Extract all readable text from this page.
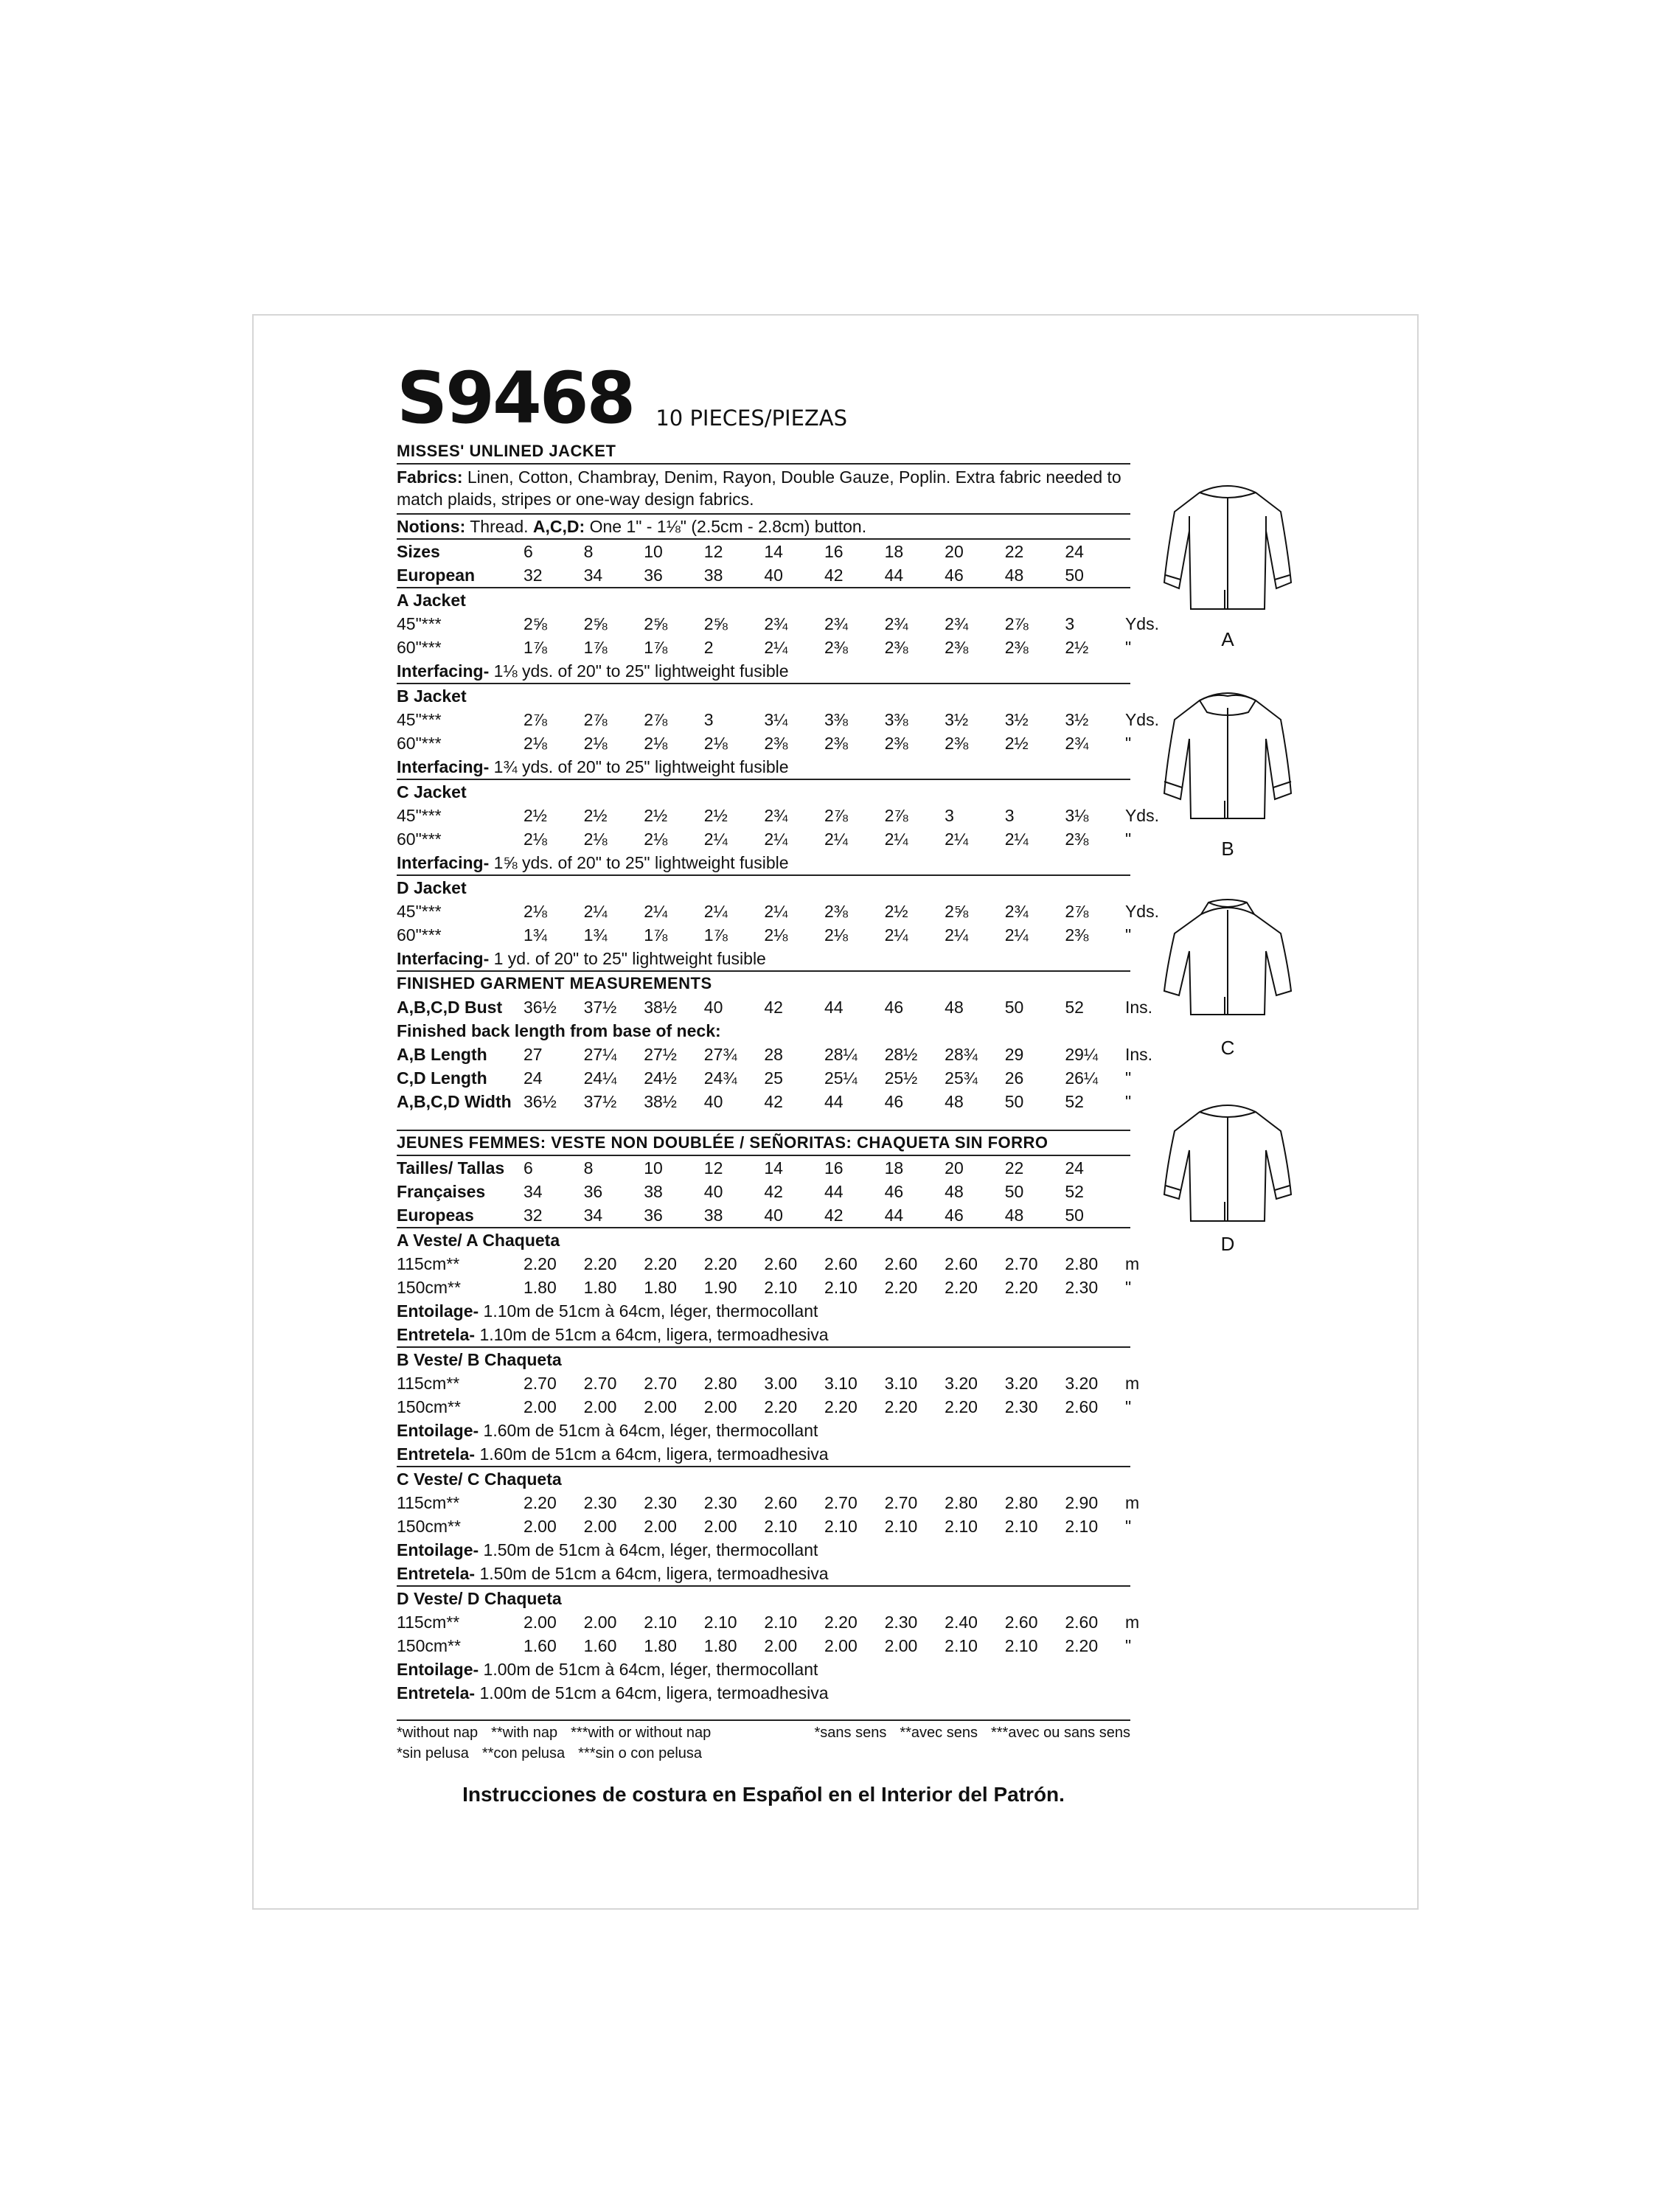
S9468 10 PIECES/PIEZAS
MISSES' UNLINED JACKET
Fabrics: Linen, Cotton, Chambray, Denim, Rayon, Double Gauze, Poplin. Extra fabric needed to match plaids, stripes or one-way design fabrics.
Notions: Thread. A,C,D: One 1" - 1⅛" (2.5cm - 2.8cm) button.
Sizes	6	8	10	12	14	16	18	20	22	24
European	32	34	36	38	40	42	44	46	48	50
A Jacket
45"***	2⅝	2⅝	2⅝	2⅝	2¾	2¾	2¾	2¾	2⅞	3	Yds.
60"***	1⅞	1⅞	1⅞	2	2¼	2⅜	2⅜	2⅜	2⅜	2½	"
Interfacing- 1⅛ yds. of 20" to 25" lightweight fusible
B Jacket
45"***	2⅞	2⅞	2⅞	3	3¼	3⅜	3⅜	3½	3½	3½	Yds.
60"***	2⅛	2⅛	2⅛	2⅛	2⅜	2⅜	2⅜	2⅜	2½	2¾	"
Interfacing- 1¾ yds. of 20" to 25" lightweight fusible
C Jacket
45"***	2½	2½	2½	2½	2¾	2⅞	2⅞	3	3	3⅛	Yds.
60"***	2⅛	2⅛	2⅛	2¼	2¼	2¼	2¼	2¼	2¼	2⅜	"
Interfacing- 1⅝ yds. of 20" to 25" lightweight fusible
D Jacket
45"***	2⅛	2¼	2¼	2¼	2¼	2⅜	2½	2⅝	2¾	2⅞	Yds.
60"***	1¾	1¾	1⅞	1⅞	2⅛	2⅛	2¼	2¼	2¼	2⅜	"
Interfacing- 1 yd. of 20" to 25" lightweight fusible
FINISHED GARMENT MEASUREMENTS
A,B,C,D Bust	36½	37½	38½	40	42	44	46	48	50	52	Ins.
Finished back length from base of neck:
A,B Length	27	27¼	27½	27¾	28	28¼	28½	28¾	29	29¼	Ins.
C,D Length	24	24¼	24½	24¾	25	25¼	25½	25¾	26	26¼	"
A,B,C,D Width 36½	37½	38½	40	42	44	46	48	50	52	"
JEUNES FEMMES: VESTE NON DOUBLÉE / SEÑORITAS: CHAQUETA SIN FORRO
Tailles/ Tallas	6	8	10	12	14	16	18	20	22	24
Françaises	34	36	38	40	42	44	46	48	50	52
Europeas	32	34	36	38	40	42	44	46	48	50
A Veste/ A Chaqueta
115cm**	2.20	2.20	2.20	2.20	2.60	2.60	2.60	2.60	2.70	2.80	m
150cm**	1.80	1.80	1.80	1.90	2.10	2.10	2.20	2.20	2.20	2.30	"
Entoilage- 1.10m de 51cm à 64cm, léger, thermocollant
Entretela- 1.10m de 51cm a 64cm, ligera, termoadhesiva
B Veste/ B Chaqueta
115cm**	2.70	2.70	2.70	2.80	3.00	3.10	3.10	3.20	3.20	3.20	m
150cm**	2.00	2.00	2.00	2.00	2.20	2.20	2.20	2.20	2.30	2.60	"
Entoilage- 1.60m de 51cm à 64cm, léger, thermocollant
Entretela- 1.60m de 51cm a 64cm, ligera, termoadhesiva
C Veste/ C Chaqueta
115cm**	2.20	2.30	2.30	2.30	2.60	2.70	2.70	2.80	2.80	2.90	m
150cm**	2.00	2.00	2.00	2.00	2.10	2.10	2.10	2.10	2.10	2.10	"
Entoilage- 1.50m de 51cm à 64cm, léger, thermocollant
Entretela- 1.50m de 51cm a 64cm, ligera, termoadhesiva
D Veste/ D Chaqueta
115cm**	2.00	2.00	2.10	2.10	2.10	2.20	2.30	2.40	2.60	2.60	m
150cm**	1.60	1.60	1.80	1.80	2.00	2.00	2.00	2.10	2.10	2.20	"
Entoilage- 1.00m de 51cm à 64cm, léger, thermocollant
Entretela- 1.00m de 51cm a 64cm, ligera, termoadhesiva
*without nap **with nap ***with or without nap	*sans sens **avec sens ***avec ou sans sens
*sin pelusa **con pelusa ***sin o con pelusa
Instrucciones de costura en Español en el Interior del Patrón.
A
B
C
D
